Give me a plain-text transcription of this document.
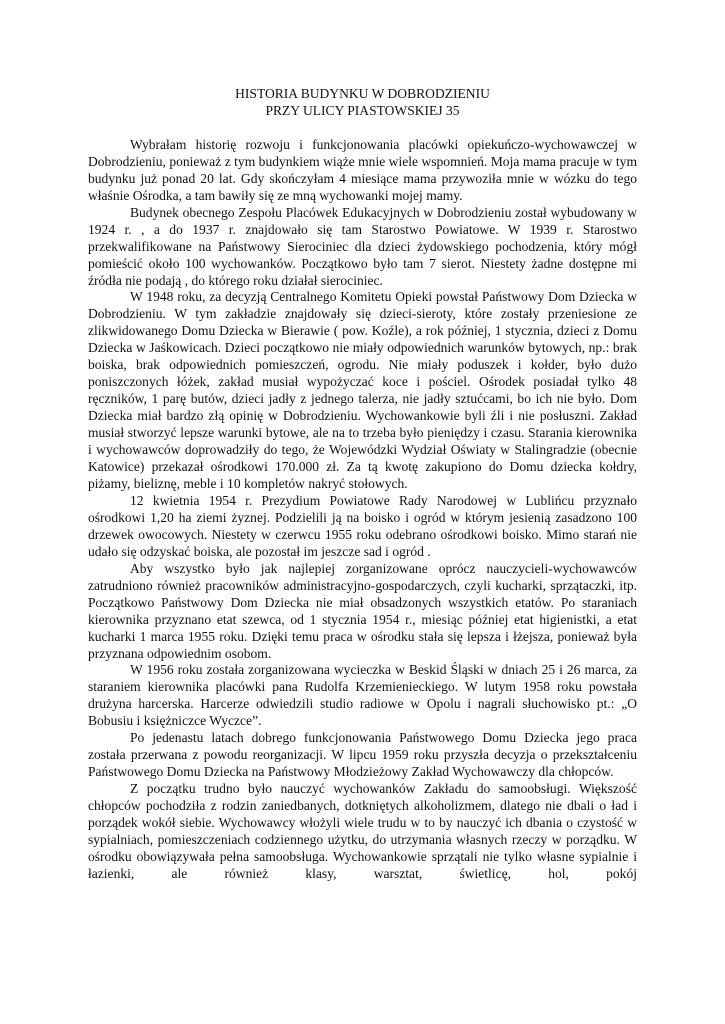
HISTORIA BUDYNKU W DOBRODZIENIU
PRZY ULICY PIASTOWSKIEJ 35

Wybrałam historię rozwoju i funkcjonowania placówki opiekuńczo-wychowawczej w Dobrodzieniu, ponieważ z tym budynkiem wiąże mnie wiele wspomnień. Moja mama pracuje w tym budynku już ponad 20 lat. Gdy skończyłam 4 miesiące mama przywoziła mnie w wózku do tego właśnie Ośrodka, a tam bawiły się ze mną wychowanki mojej mamy.

Budynek obecnego Zespołu Placówek Edukacyjnych w Dobrodzieniu został wybudowany w 1924 r. , a do 1937 r. znajdowało się tam Starostwo Powiatowe. W 1939 r. Starostwo przekwalifikowane na Państwowy Sierociniec dla dzieci żydowskiego pochodzenia, który mógł pomieścić około 100 wychowanków. Początkowo było tam 7 sierot. Niestety żadne dostępne mi źródła nie podają , do którego roku działał sierociniec.

W 1948 roku, za decyzją Centralnego Komitetu Opieki powstał Państwowy Dom Dziecka w Dobrodzieniu. W tym zakładzie znajdowały się dzieci-sieroty, które zostały przeniesione ze zlikwidowanego Domu Dziecka w Bierawie ( pow. Koźle), a rok później, 1 stycznia, dzieci z Domu Dziecka w Jaśkowicach. Dzieci początkowo nie miały odpowiednich warunków bytowych, np.: brak boiska, brak odpowiednich pomieszczeń, ogrodu. Nie miały poduszek i kołder, było dużo poniszczonych łóżek, zakład musiał wypożyczać koce i pościel. Ośrodek posiadał tylko 48 ręczników, 1 parę butów, dzieci jadły z jednego talerza, nie jadły sztućcami, bo ich nie było. Dom Dziecka miał bardzo złą opinię w Dobrodzieniu. Wychowankowie byli źli i nie posłuszni. Zakład musiał stworzyć lepsze warunki bytowe, ale na to trzeba było pieniędzy i czasu. Starania kierownika i wychowawców doprowadziły do tego, że Wojewódzki Wydział Oświaty w Stalingradzie (obecnie Katowice) przekazał ośrodkowi 170.000 zł. Za tą kwotę zakupiono do Domu dziecka kołdry, piżamy, bieliznę, meble i 10 kompletów nakryć stołowych.

12 kwietnia 1954 r. Prezydium Powiatowe Rady Narodowej w Lublińcu przyznało ośrodkowi 1,20 ha ziemi żyznej. Podzielili ją na boisko i ogród w którym jesienią zasadzono 100 drzewek owocowych. Niestety w czerwcu 1955 roku odebrano ośrodkowi boisko. Mimo starań nie udało się odzyskać boiska, ale pozostał im jeszcze sad i ogród .

Aby wszystko było jak najlepiej zorganizowane oprócz nauczycieli-wychowawców zatrudniono również pracowników administracyjno-gospodarczych, czyli kucharki, sprzątaczki, itp. Początkowo Państwowy Dom Dziecka nie miał obsadzonych wszystkich etatów. Po staraniach kierownika przyznano etat szewca, od 1 stycznia 1954 r., miesiąc później etat higienistki, a etat kucharki 1 marca 1955 roku. Dzięki temu praca w ośrodku stała się lepsza i łżejsza, ponieważ była przyznana odpowiednim osobom.

W 1956 roku została zorganizowana wycieczka w Beskid Śląski w dniach 25 i 26 marca, za staraniem kierownika placówki pana Rudolfa Krzemienieckiego. W lutym 1958 roku powstała drużyna harcerska. Harcerze odwiedzili studio radiowe w Opolu i nagrali słuchowisko pt.: „O Bobusiu i księżniczce Wyczce”.

Po jedenastu latach dobrego funkcjonowania Państwowego Domu Dziecka jego praca została przerwana z powodu reorganizacji. W lipcu 1959 roku przyszła decyzja o przekształceniu Państwowego Domu Dziecka na Państwowy Młodzieżowy Zakład Wychowawczy dla chłopców.

Z początku trudno było nauczyć wychowanków Zakładu do samoobsługi. Większość chłopców pochodziła z rodzin zaniedbanych, dotkniętych alkoholizmem, dlatego nie dbali o ład i porządek wokół siebie. Wychowawcy włożyli wiele trudu w to by nauczyć ich dbania o czystość w sypialniach, pomieszczeniach codziennego użytku, do utrzymania własnych rzeczy w porządku. W ośrodku obowiązywała pełna samoobsługa. Wychowankowie sprzątali nie tylko własne sypialnie i łazienki, ale również klasy, warsztat, świetlicę, hol, pokój
